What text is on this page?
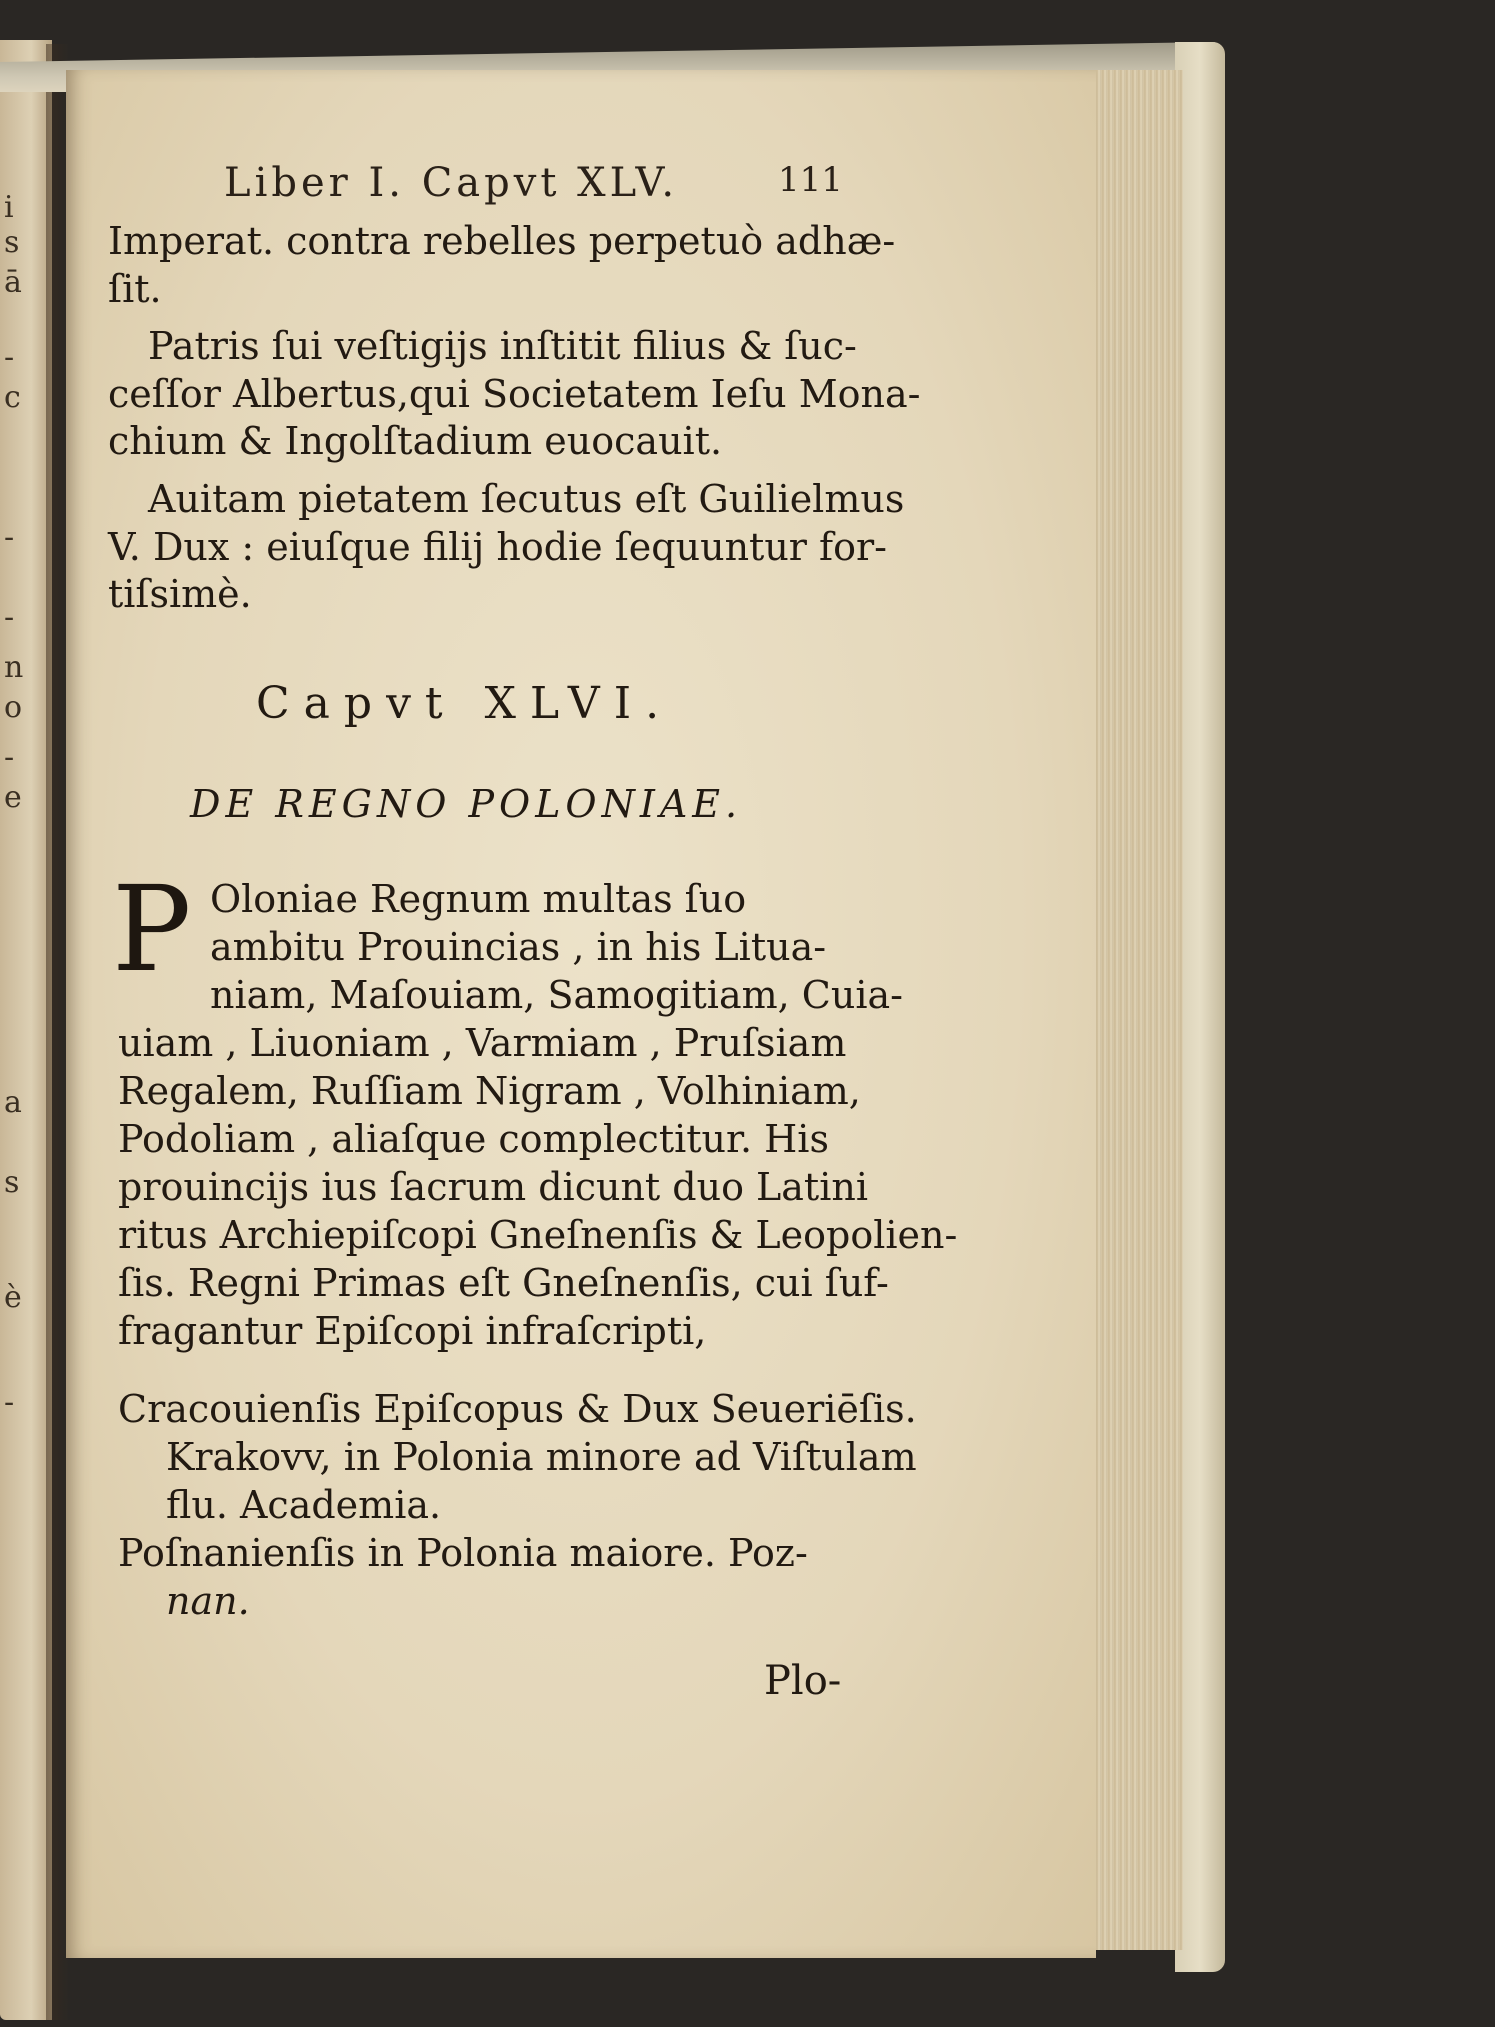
i
s
ā
-
c
-
-
n
o
-
e
a
s
è
-
Liber I. Capvt XLV.	111
Imperat. contra rebelles perpetuò adhæ-
ſit.
Patris ſui veſtigijs inſtitit filius & ſuc-
ceſſor Albertus,qui Societatem Ieſu Mona-
chium & Ingolſtadium euocauit.
Auitam pietatem ſecutus eſt Guilielmus
V. Dux : eiuſque filij hodie ſequuntur for-
tiſsimè.
Capvt XLVI.
DE REGNO POLONIAE.
P Oloniae Regnum multas ſuo
ambitu Prouincias , in his Litua-
niam, Maſouiam, Samogitiam, Cuia-
uiam , Liuoniam , Varmiam , Pruſsiam
Regalem, Ruſſiam Nigram , Volhiniam,
Podoliam , aliaſque complectitur. His
prouincijs ius ſacrum dicunt duo Latini
ritus Archiepiſcopi Gneſnenſis & Leopolien-
ſis. Regni Primas eſt Gneſnenſis, cui ſuf-
fragantur Epiſcopi infraſcripti,
Cracouienſis Epiſcopus & Dux Seueriēſis.
Krakovv, in Polonia minore ad Viſtulam
flu. Academia.
Poſnanienſis in Polonia maiore. Poz-
nan.
Plo-
